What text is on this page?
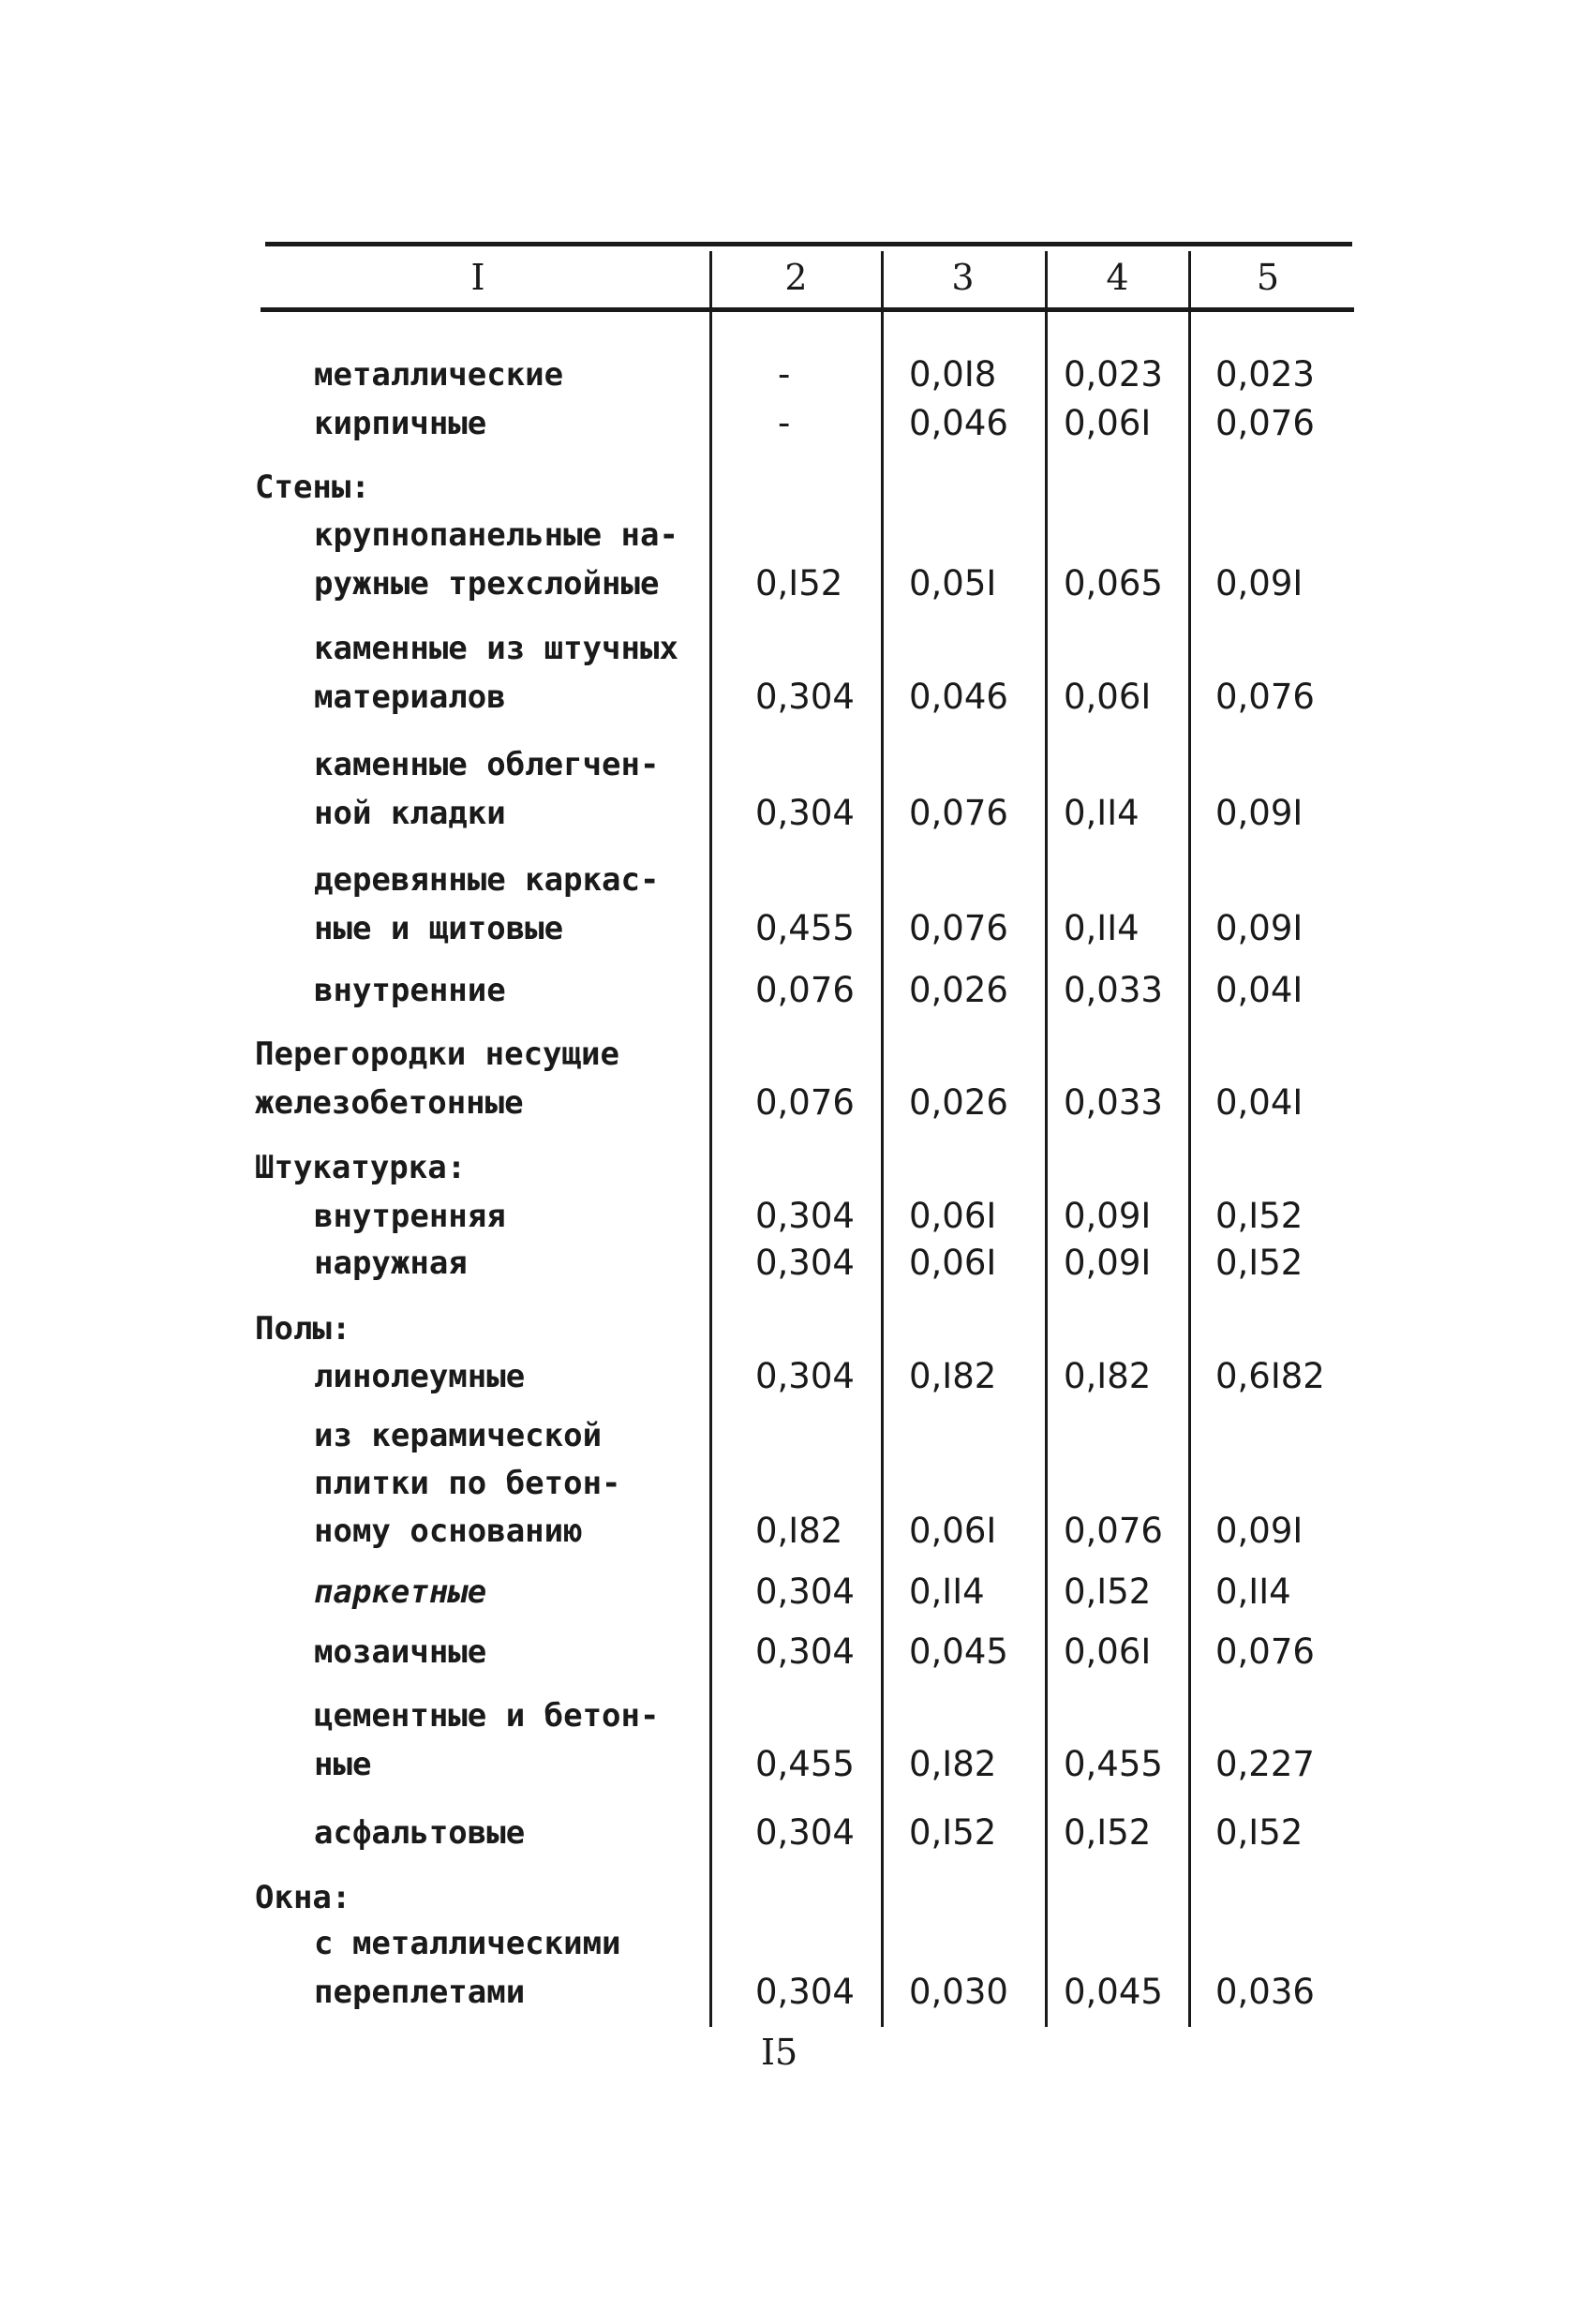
I	2	3	4	5
металлические	-	0,0I8	0,023	0,023
кирпичные	-	0,046	0,06I	0,076
Стены:
крупнопанельные на-
ружные трехслойные	0,I52	0,05I	0,065	0,09I
каменные из штучных
материалов	0,304	0,046	0,06I	0,076
каменные облегчен-
ной кладки	0,304	0,076	0,II4	0,09I
деревянные каркас-
ные и щитовые	0,455	0,076	0,II4	0,09I
внутренние	0,076	0,026	0,033	0,04I
Перегородки несущие
железобетонные	0,076	0,026	0,033	0,04I
Штукатурка:
внутренняя	0,304	0,06I	0,09I	0,I52
наружная	0,304	0,06I	0,09I	0,I52
Полы:
линолеумные	0,304	0,I82	0,I82	0,6I82
из керамической
плитки по бетон-
ному основанию	0,I82	0,06I	0,076	0,09I
паркетные	0,304	0,II4	0,I52	0,II4
мозаичные	0,304	0,045	0,06I	0,076
цементные и бетон-
ные	0,455	0,I82	0,455	0,227
асфальтовые	0,304	0,I52	0,I52	0,I52
Окна:
с металлическими
переплетами	0,304	0,030	0,045	0,036
I5
